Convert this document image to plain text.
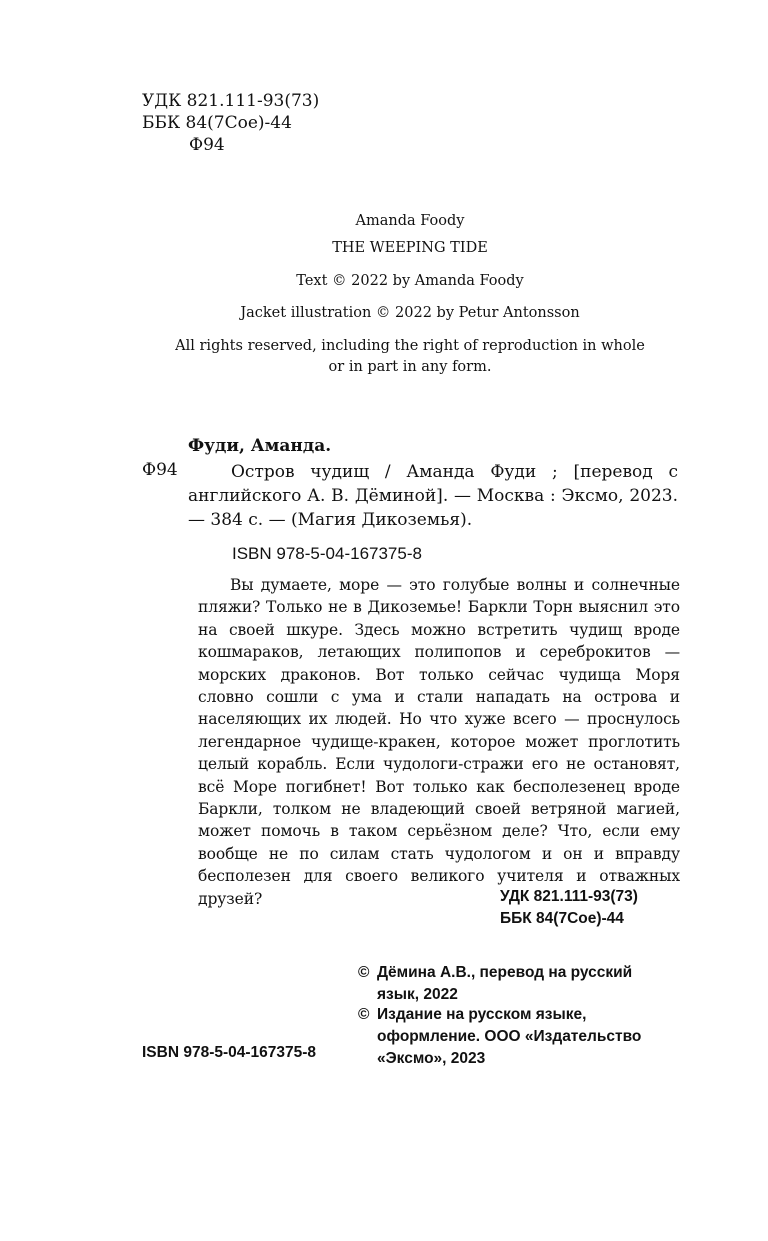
УДК 821.111-93(73)
ББК 84(7Сое)-44
Ф94
Amanda Foody
THE WEEPING TIDE
Text © 2022 by Amanda Foody
Jacket illustration © 2022 by Petur Antonsson
All rights reserved, including the right of reproduction in whole
or in part in any form.
Фуди, Аманда.
Ф94	Остров чудищ / Аманда Фуди ; [перевод с английского А. В. Дёминой]. — Москва : Эксмо, 2023. — 384 с. — (Магия Дикоземья).
ISBN 978-5-04-167375-8

Вы думаете, море — это голубые волны и солнечные пляжи? Только не в Дикоземье! Баркли Торн выяснил это на своей шкуре. Здесь можно встретить чудищ вроде кошмараков, летающих полипопов и сереброкитов — морских драконов. Вот только сейчас чудища Моря словно сошли с ума и стали нападать на острова и населяющих их людей. Но что хуже всего — проснулось легендарное чудище-кракен, которое может проглотить целый корабль. Если чудологи-стражи его не остановят, всё Море погибнет! Вот только как бесполезенец вроде Баркли, толком не владеющий своей ветряной магией, может помочь в таком серьёзном деле? Что, если ему вообще не по силам стать чудологом и он и вправду бесполезен для своего великого учителя и отважных друзей?	УДК 821.111-93(73)
ББК 84(7Сое)-44
© Дёмина А.В., перевод на русский
язык, 2022
© Издание на русском языке,
оформление. ООО «Издательство
«Эксмо», 2023
ISBN 978-5-04-167375-8
